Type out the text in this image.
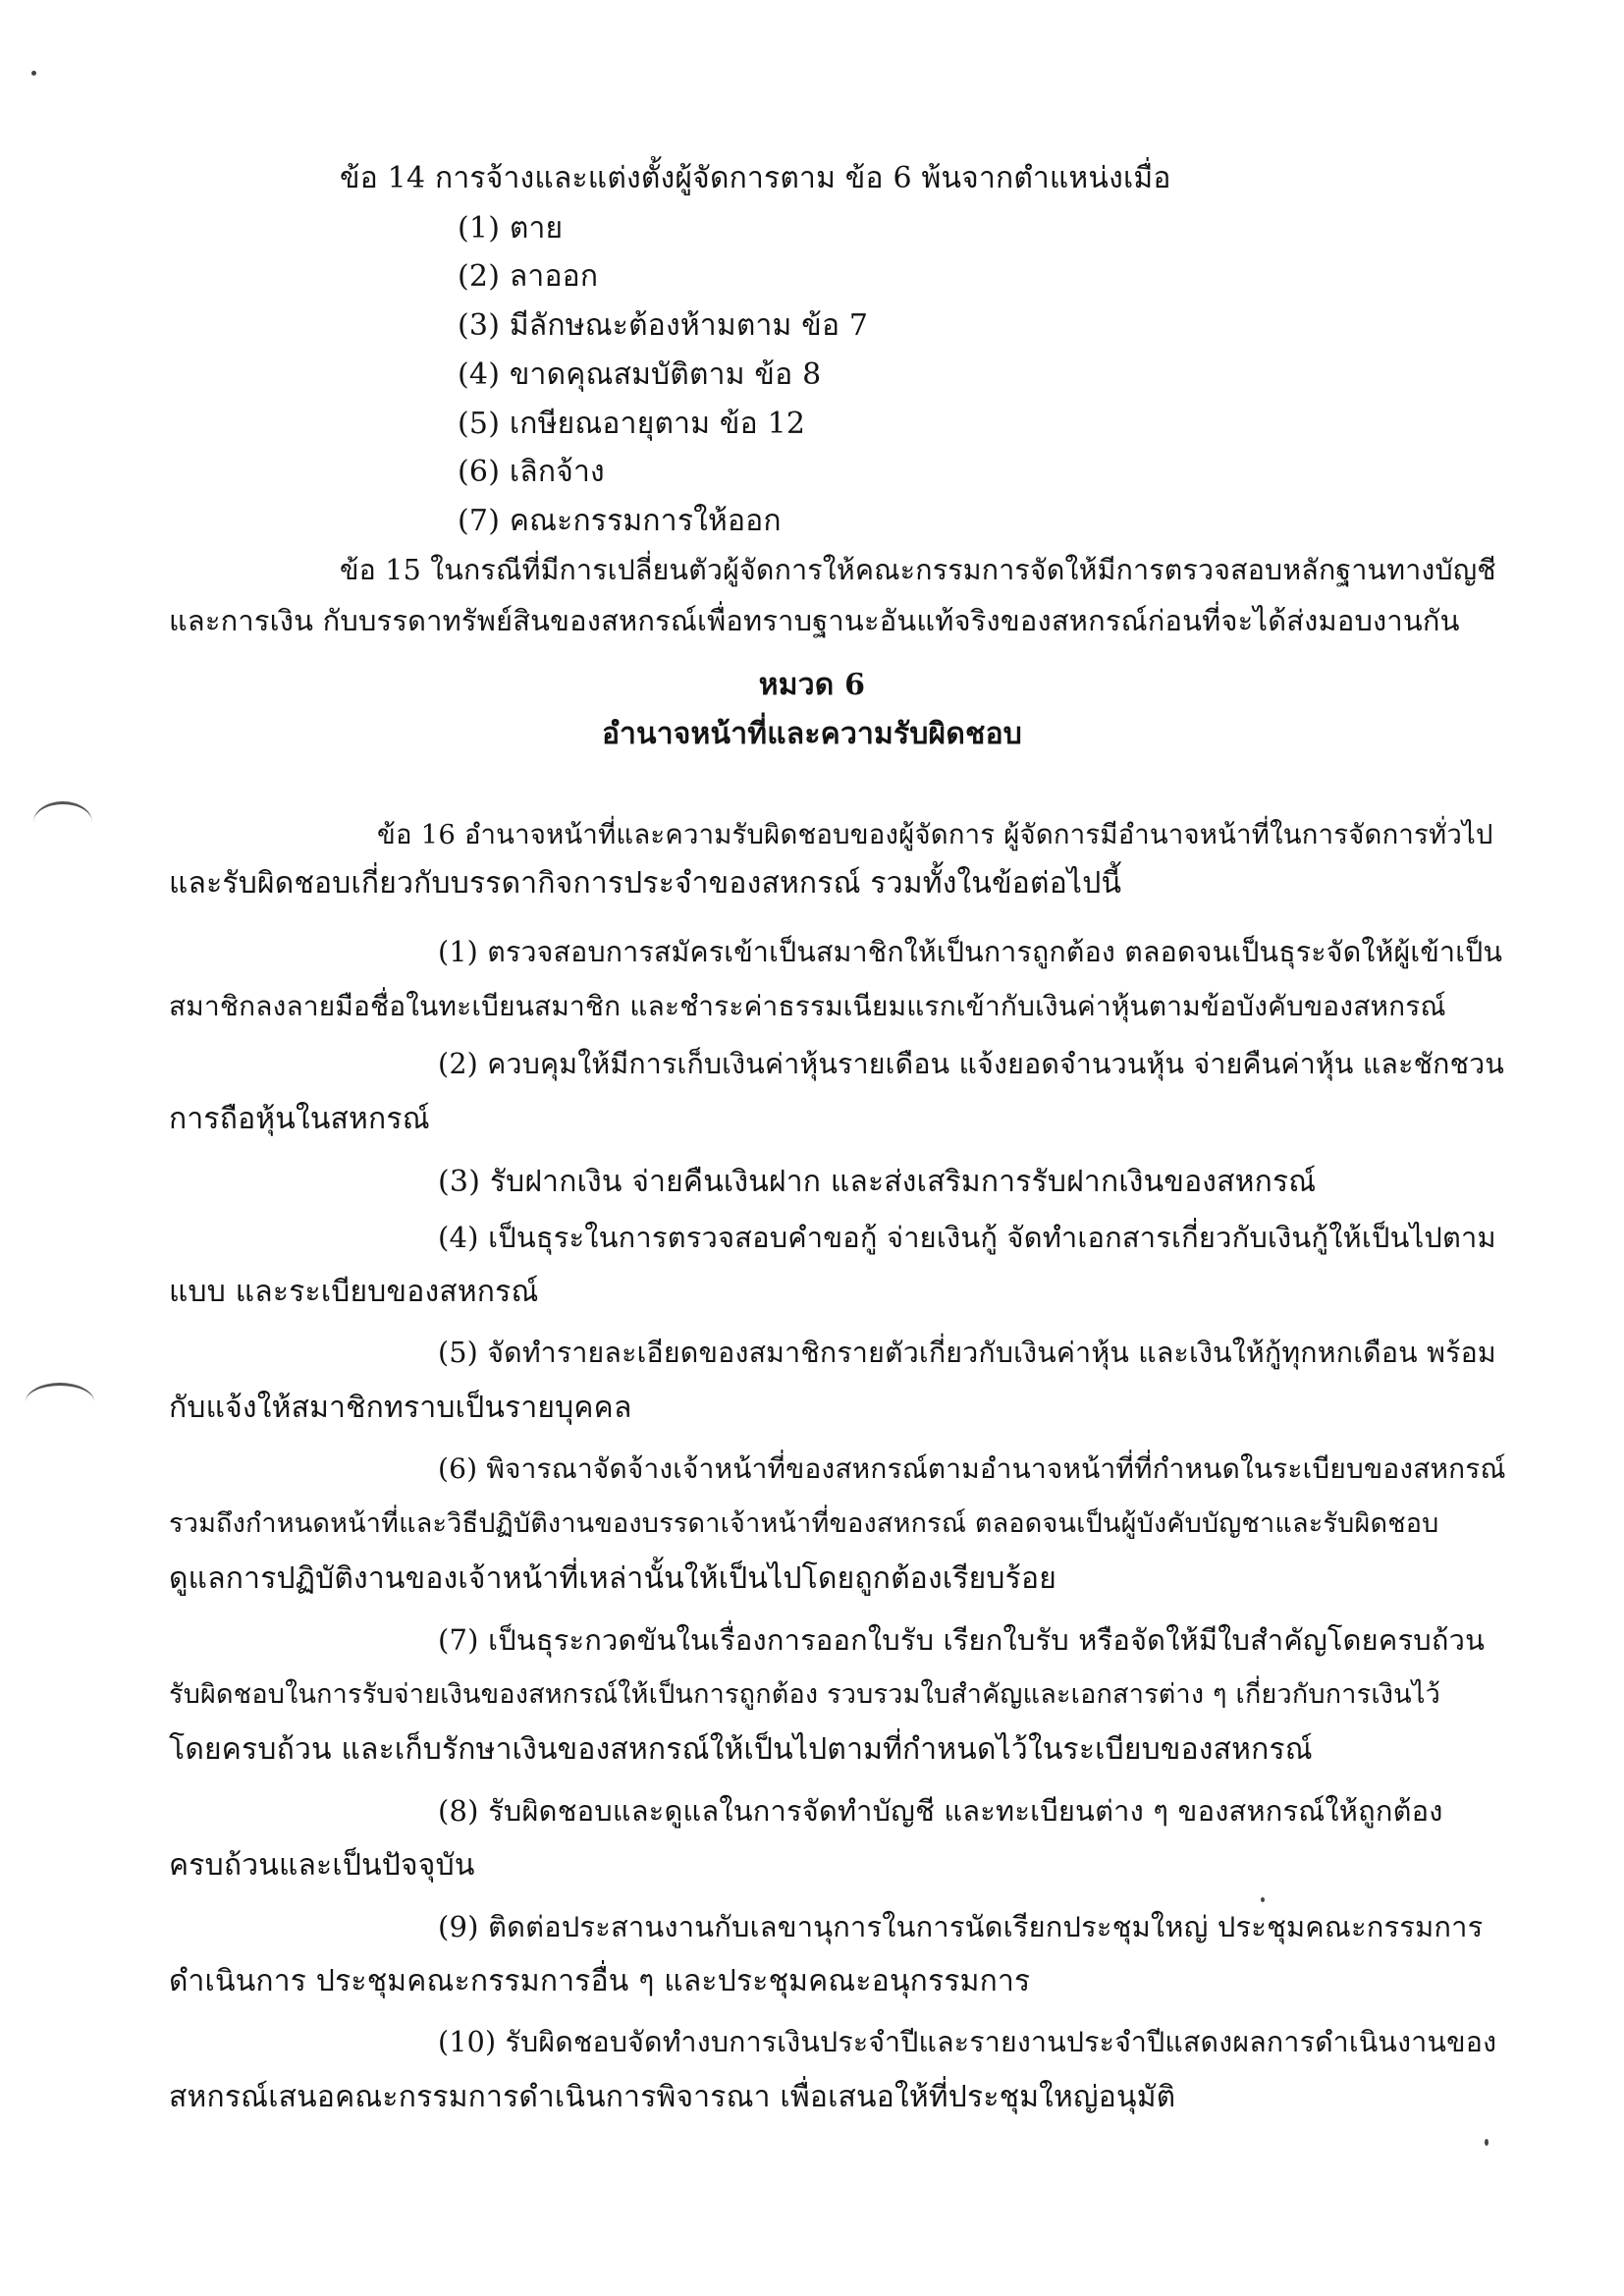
ข้อ 14 การจ้างและแต่งตั้งผู้จัดการตาม ข้อ 6 พ้นจากตำแหน่งเมื่อ
(1) ตาย
(2) ลาออก
(3) มีลักษณะต้องห้ามตาม ข้อ 7
(4) ขาดคุณสมบัติตาม ข้อ 8
(5) เกษียณอายุตาม ข้อ 12
(6) เลิกจ้าง
(7) คณะกรรมการให้ออก
ข้อ 15 ในกรณีที่มีการเปลี่ยนตัวผู้จัดการให้คณะกรรมการจัดให้มีการตรวจสอบหลักฐานทางบัญชี
และการเงิน กับบรรดาทรัพย์สินของสหกรณ์เพื่อทราบฐานะอันแท้จริงของสหกรณ์ก่อนที่จะได้ส่งมอบงานกัน
หมวด 6
อำนาจหน้าที่และความรับผิดชอบ
ข้อ 16 อำนาจหน้าที่และความรับผิดชอบของผู้จัดการ ผู้จัดการมีอำนาจหน้าที่ในการจัดการทั่วไป
และรับผิดชอบเกี่ยวกับบรรดากิจการประจำของสหกรณ์ รวมทั้งในข้อต่อไปนี้
(1) ตรวจสอบการสมัครเข้าเป็นสมาชิกให้เป็นการถูกต้อง ตลอดจนเป็นธุระจัดให้ผู้เข้าเป็น
สมาชิกลงลายมือชื่อในทะเบียนสมาชิก และชำระค่าธรรมเนียมแรกเข้ากับเงินค่าหุ้นตามข้อบังคับของสหกรณ์
(2) ควบคุมให้มีการเก็บเงินค่าหุ้นรายเดือน แจ้งยอดจำนวนหุ้น จ่ายคืนค่าหุ้น และชักชวน
การถือหุ้นในสหกรณ์
(3) รับฝากเงิน จ่ายคืนเงินฝาก และส่งเสริมการรับฝากเงินของสหกรณ์
(4) เป็นธุระในการตรวจสอบคำขอกู้ จ่ายเงินกู้ จัดทำเอกสารเกี่ยวกับเงินกู้ให้เป็นไปตาม
แบบ และระเบียบของสหกรณ์
(5) จัดทำรายละเอียดของสมาชิกรายตัวเกี่ยวกับเงินค่าหุ้น และเงินให้กู้ทุกหกเดือน พร้อม
กับแจ้งให้สมาชิกทราบเป็นรายบุคคล
(6) พิจารณาจัดจ้างเจ้าหน้าที่ของสหกรณ์ตามอำนาจหน้าที่ที่กำหนดในระเบียบของสหกรณ์
รวมถึงกำหนดหน้าที่และวิธีปฏิบัติงานของบรรดาเจ้าหน้าที่ของสหกรณ์ ตลอดจนเป็นผู้บังคับบัญชาและรับผิดชอบ
ดูแลการปฏิบัติงานของเจ้าหน้าที่เหล่านั้นให้เป็นไปโดยถูกต้องเรียบร้อย
(7) เป็นธุระกวดขันในเรื่องการออกใบรับ เรียกใบรับ หรือจัดให้มีใบสำคัญโดยครบถ้วน
รับผิดชอบในการรับจ่ายเงินของสหกรณ์ให้เป็นการถูกต้อง รวบรวมใบสำคัญและเอกสารต่าง ๆ เกี่ยวกับการเงินไว้
โดยครบถ้วน และเก็บรักษาเงินของสหกรณ์ให้เป็นไปตามที่กำหนดไว้ในระเบียบของสหกรณ์
(8) รับผิดชอบและดูแลในการจัดทำบัญชี และทะเบียนต่าง ๆ ของสหกรณ์ให้ถูกต้อง
ครบถ้วนและเป็นปัจจุบัน
(9) ติดต่อประสานงานกับเลขานุการในการนัดเรียกประชุมใหญ่ ประชุมคณะกรรมการ
ดำเนินการ ประชุมคณะกรรมการอื่น ๆ และประชุมคณะอนุกรรมการ
(10) รับผิดชอบจัดทำงบการเงินประจำปีและรายงานประจำปีแสดงผลการดำเนินงานของ
สหกรณ์เสนอคณะกรรมการดำเนินการพิจารณา เพื่อเสนอให้ที่ประชุมใหญ่อนุมัติ
